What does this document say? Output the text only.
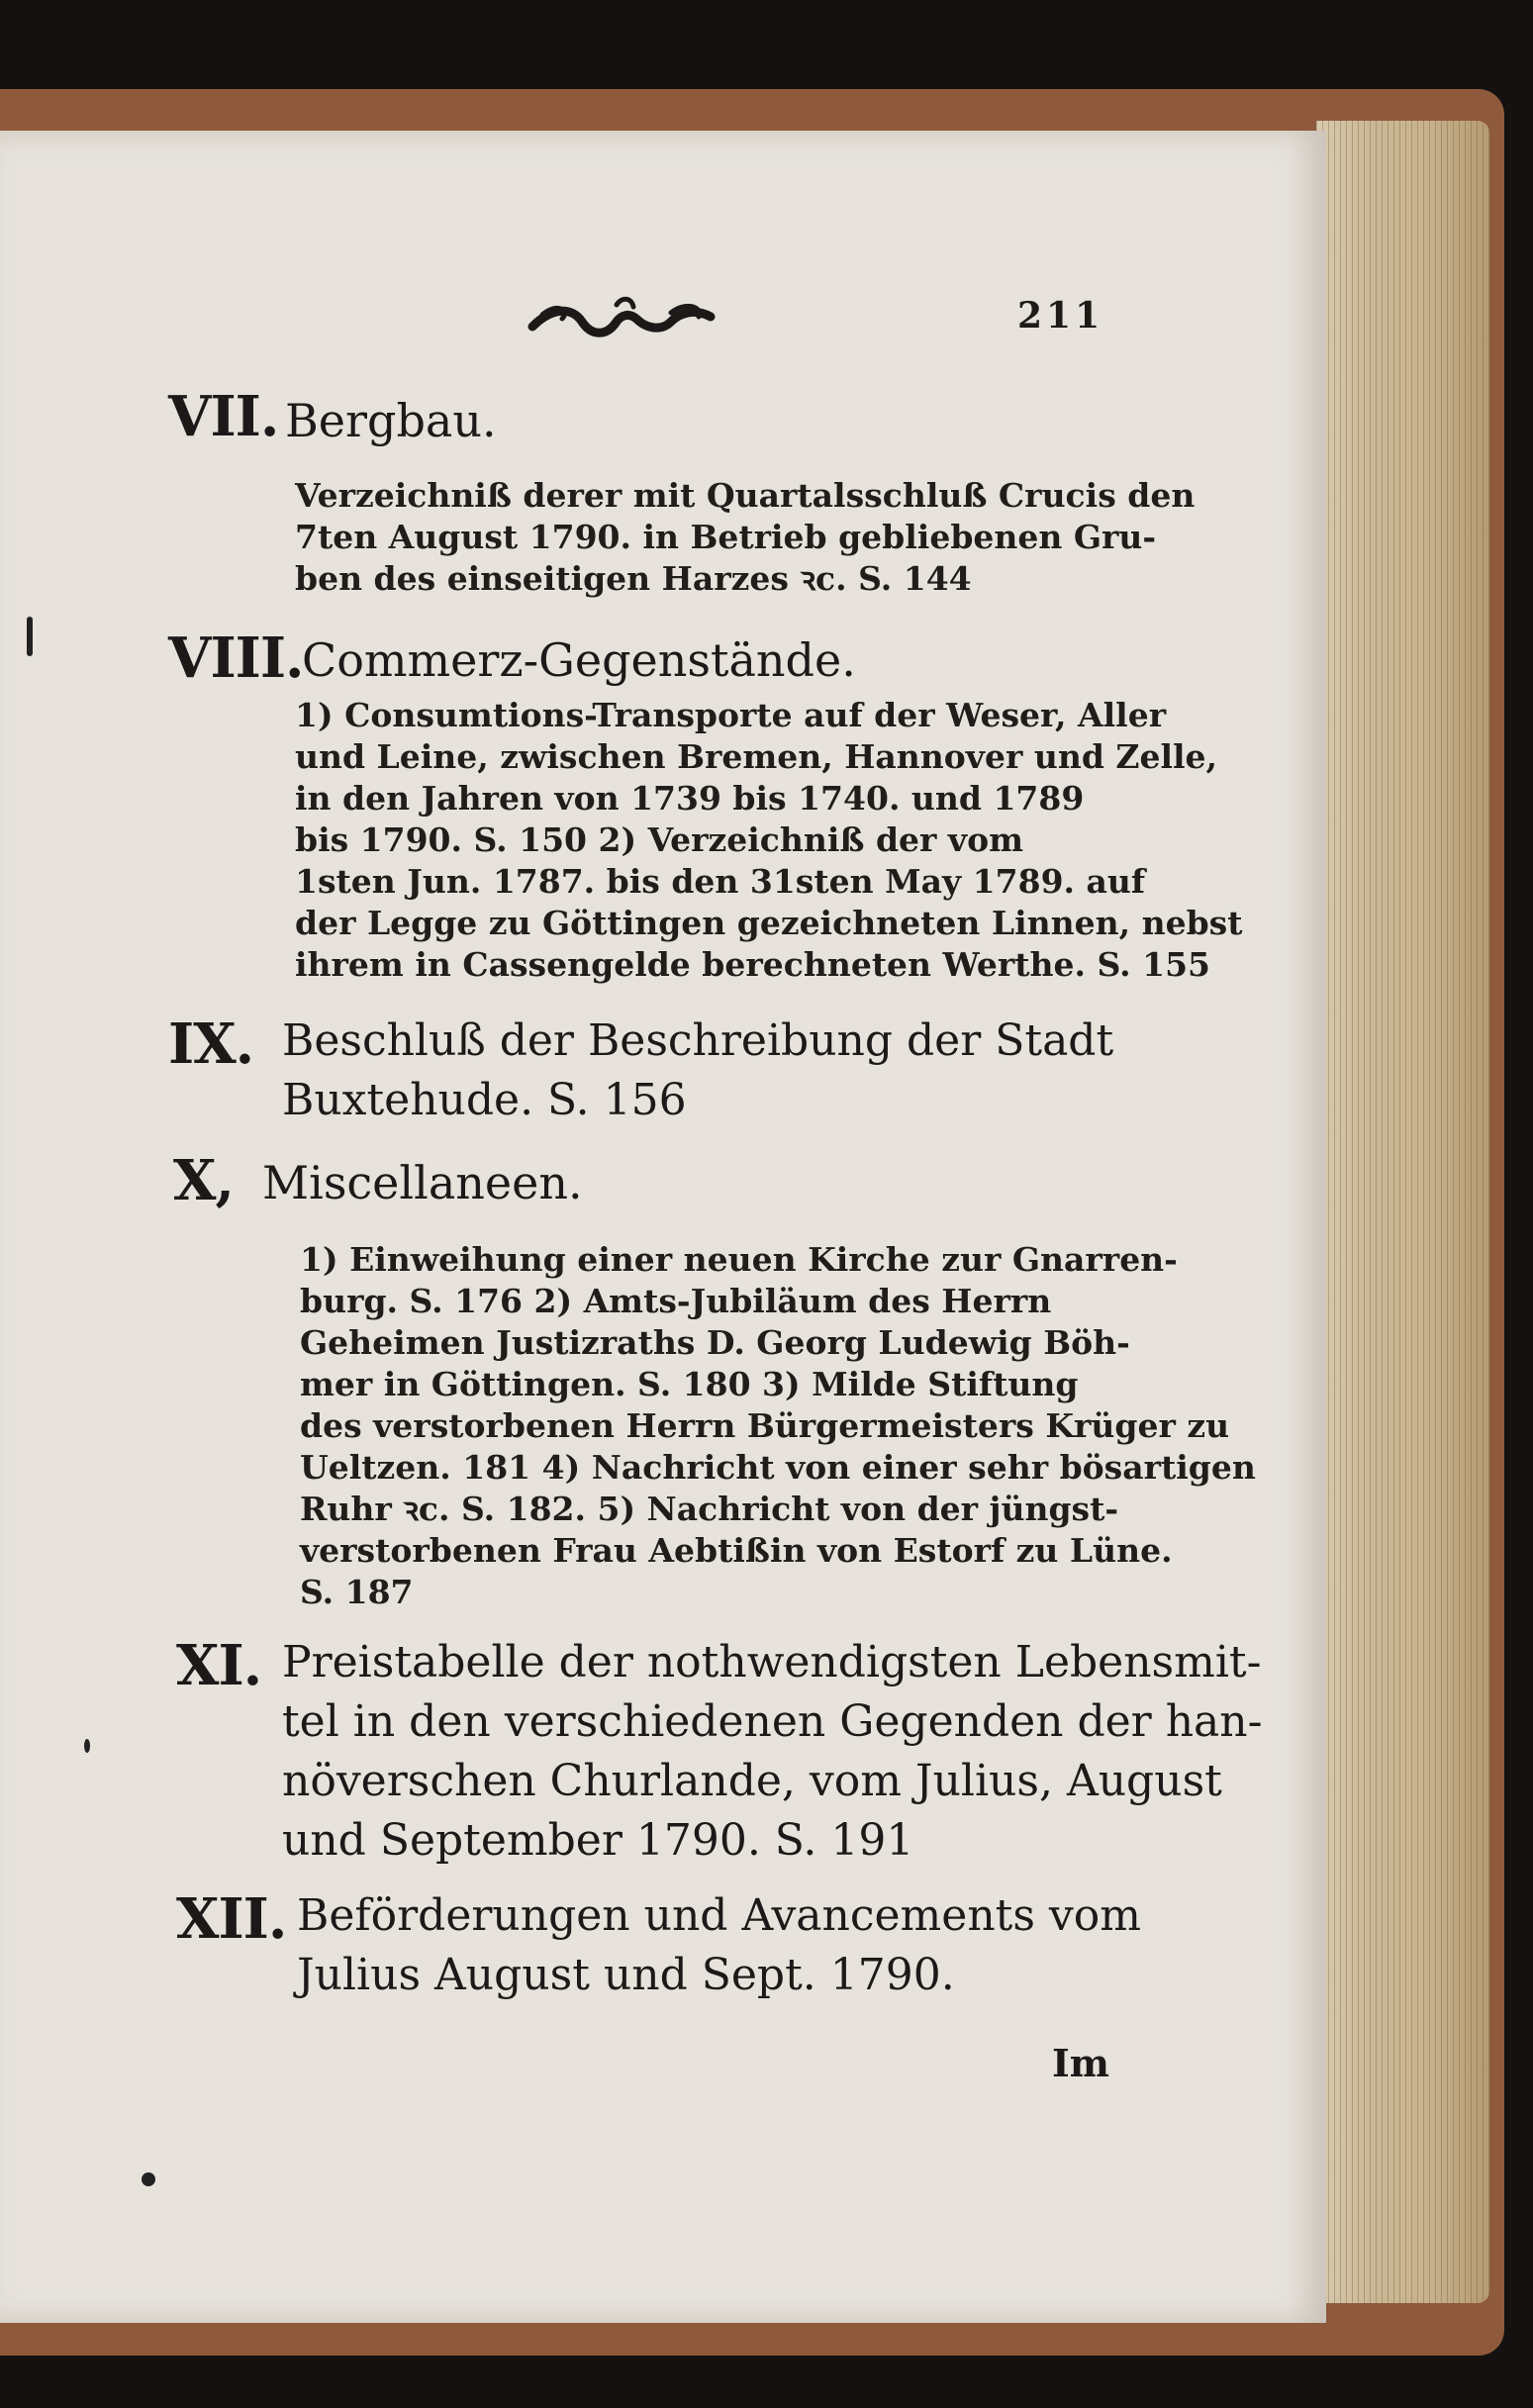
211
VII. Bergbau.
Verzeichniß derer mit Quartalsschluß Crucis den
7ten August 1790. in Betrieb gebliebenen Gru-
ben des einseitigen Harzes ꝛc. S. 144
VIII.
Commerz-Gegenstände.
1) Consumtions-Transporte auf der Weser, Aller
und Leine, zwischen Bremen, Hannover und Zelle,
in den Jahren von 1739 bis 1740. und 1789
bis 1790. S. 150 2) Verzeichniß der vom
1sten Jun. 1787. bis den 31sten May 1789. auf
der Legge zu Göttingen gezeichneten Linnen, nebst
ihrem in Cassengelde berechneten Werthe. S. 155
IX. Beschluß der Beschreibung der Stadt
Buxtehude. S. 156
X, Miscellaneen.
1) Einweihung einer neuen Kirche zur Gnarren-
burg. S. 176 2) Amts-Jubiläum des Herrn
Geheimen Justizraths D. Georg Ludewig Böh-
mer in Göttingen. S. 180 3) Milde Stiftung
des verstorbenen Herrn Bürgermeisters Krüger zu
Ueltzen. 181 4) Nachricht von einer sehr bösartigen
Ruhr ꝛc. S. 182. 5) Nachricht von der jüngst-
verstorbenen Frau Aebtißin von Estorf zu Lüne.
S. 187
XI. Preistabelle der nothwendigsten Lebensmit-
tel in den verschiedenen Gegenden der han-
növerschen Churlande, vom Julius, August
und September 1790. S. 191
XII. Beförderungen und Avancements vom
Julius August und Sept. 1790.
Im
